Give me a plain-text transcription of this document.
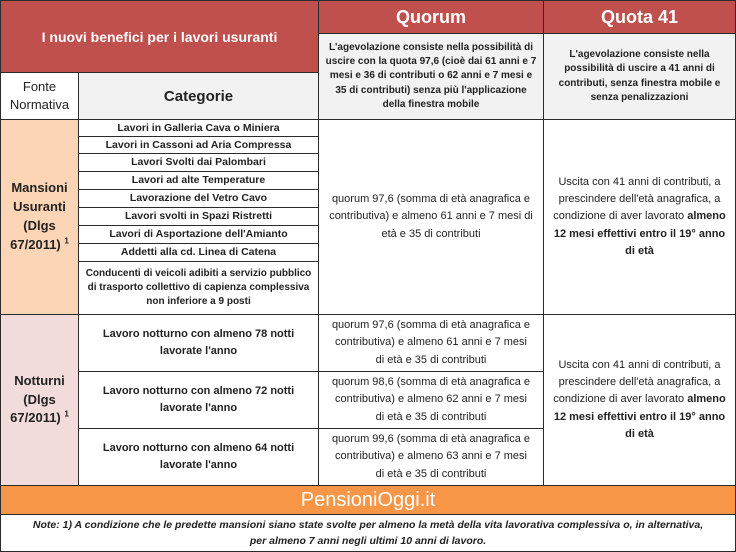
I nuovi benefici per i lavori usuranti
Quorum	Quota 41
L'agevolazione consiste nella possibilità di uscire con la quota 97,6 (cioè dai 61 anni e 7 mesi e 36 di contributi o 62 anni e 7 mesi e 35 di contributi) senza più l'applicazione della finestra mobile
L'agevolazione consiste nella possibilità di uscire a 41 anni di contributi, senza finestra mobile e senza penalizzazioni
Fonte Normativa	Categorie
Mansioni Usuranti (Dlgs 67/2011) $^1$
Lavori in Galleria Cava o Miniera
Lavori in Cassoni ad Aria Compressa
Lavori Svolti dai Palombari
Lavori ad alte Temperature
Lavorazione del Vetro Cavo
Lavori svolti in Spazi Ristretti
Lavori di Asportazione dell'Amianto
Addetti alla cd. Linea di Catena
Conducenti di veicoli adibiti a servizio pubblico di trasporto collettivo di capienza complessiva non inferiore a 9 posti
quorum 97,6 (somma di età anagrafica e contributiva) e almeno 61 anni e 7 mesi di età e 35 di contributi
Uscita con 41 anni di contributi, a prescindere dell'età anagrafica, a condizione di aver lavorato almeno 12 mesi effettivi entro il 19° anno di età
Notturni (Dlgs 67/2011) $^1$
Lavoro notturno con almeno 78 notti lavorate l'anno
Lavoro notturno con almeno 72 notti lavorate l'anno
Lavoro notturno con almeno 64 notti lavorate l'anno
quorum 97,6 (somma di età anagrafica e contributiva) e almeno 61 anni e 7 mesi di età e 35 di contributi
quorum 98,6 (somma di età anagrafica e contributiva) e almeno 62 anni e 7 mesi di età e 35 di contributi
quorum 99,6 (somma di età anagrafica e contributiva) e almeno 63 anni e 7 mesi di età e 35 di contributi
Uscita con 41 anni di contributi, a prescindere dell'età anagrafica, a condizione di aver lavorato almeno 12 mesi effettivi entro il 19° anno di età
PensioniOggi.it
Note: 1) A condizione che le predette mansioni siano state svolte per almeno la metà della vita lavorativa complessiva o, in alternativa, per almeno 7 anni negli ultimi 10 anni di lavoro.
